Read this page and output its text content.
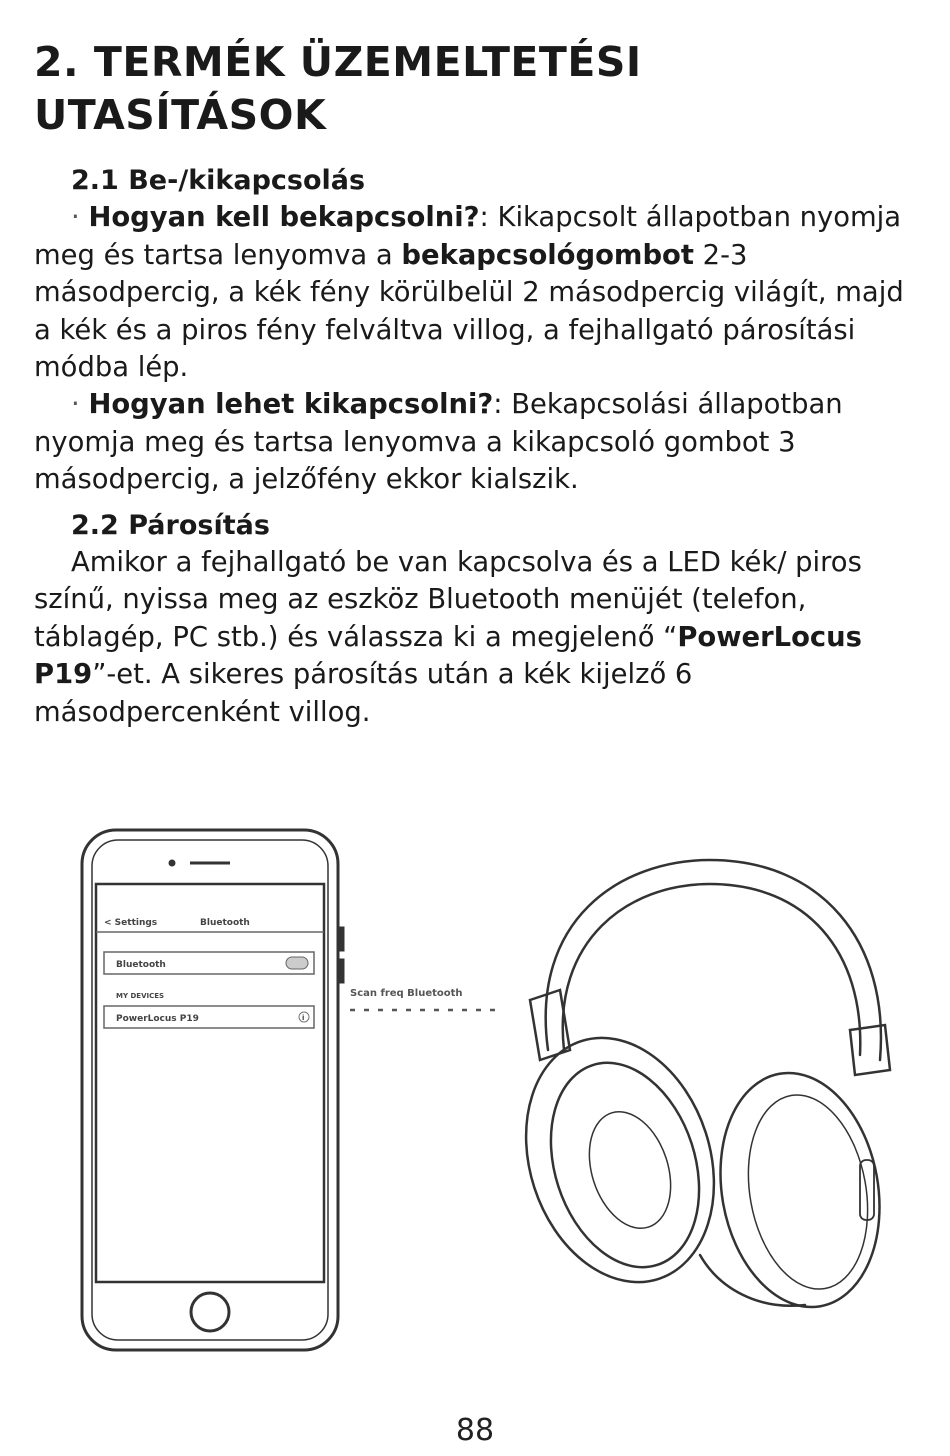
2. TERMÉK ÜZEMELTETÉSI
UTASÍTÁSOK
2.1 Be-/kikapcsolás
· Hogyan kell bekapcsolni?: Kikapcsolt állapotban nyomja meg és tartsa lenyomva a bekapcsológombot 2-3 másodpercig, a kék fény körülbelül 2 másodpercig világít, majd a kék és a piros fény felváltva villog, a fejhallgató párosítási módba lép.
· Hogyan lehet kikapcsolni?: Bekapcsolási állapotban nyomja meg és tartsa lenyomva a kikapcsoló gombot 3 másodpercig, a jelzőfény ekkor kialszik.
2.2 Párosítás
Amikor a fejhallgató be van kapcsolva és a LED kék/ piros színű, nyissa meg az eszköz Bluetooth menüjét (telefon, táblagép, PC stb.) és válassza ki a megjelenő “PowerLocus P19”-et. A sikeres párosítás után a kék kijelző 6 másodpercenként villog.
< Settings	Bluetooth
Bluetooth
MY DEVICES
PowerLocus P19	i
Scan freq Bluetooth
88
